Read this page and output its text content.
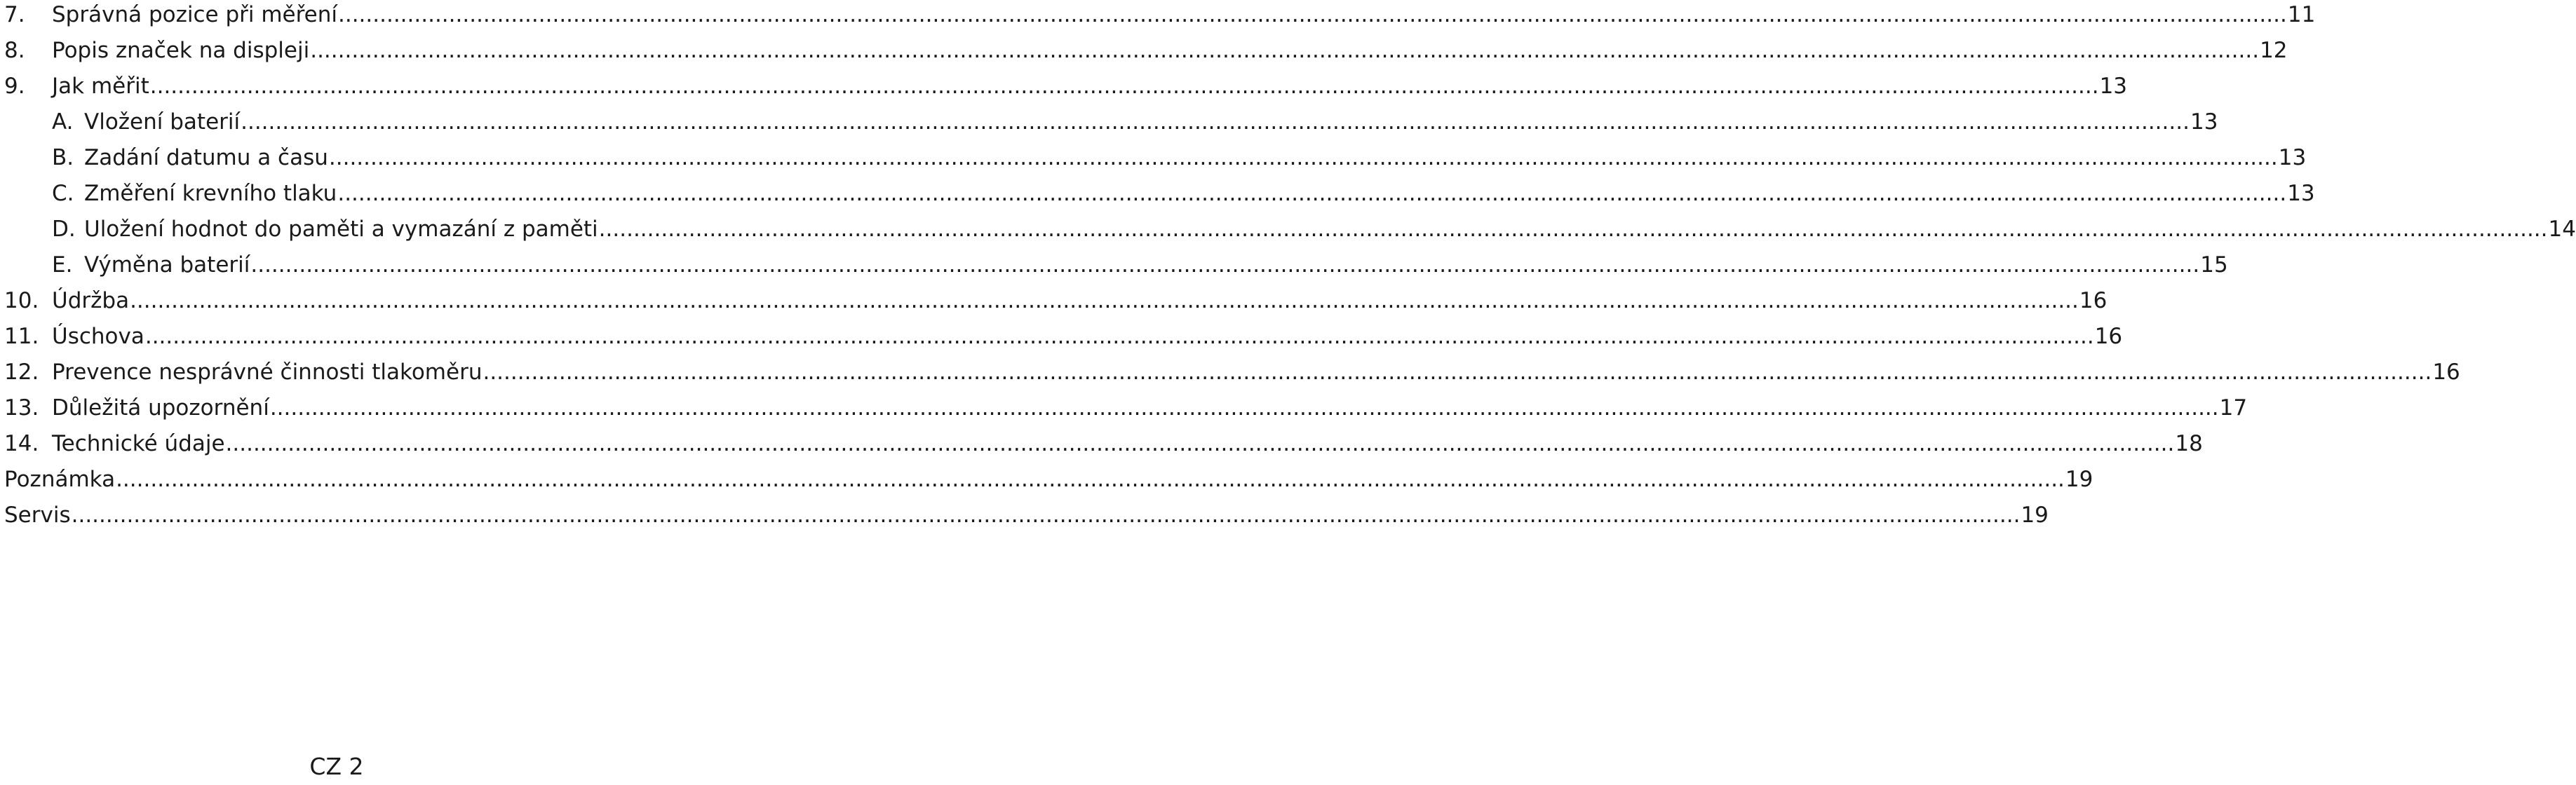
7.	Správná pozice při měření .....	11
8.	Popis značek na displeji .....	12
9.	Jak měřit .....	13
A. Vložení baterií .....	13
B. Zadání datumu a času .....	13
C. Změření krevního tlaku .....	13
D. Uložení hodnot do paměti a vymazání z paměti .....	14
E. Výměna baterií .....	15
10. Údržba .....	16
11. Úschova .....	16
12. Prevence nesprávné činnosti tlakoměru .....	16
13. Důležitá upozornění .....	17
14. Technické údaje .....	18
Poznámka .....	19
Servis .....	19
CZ 2
